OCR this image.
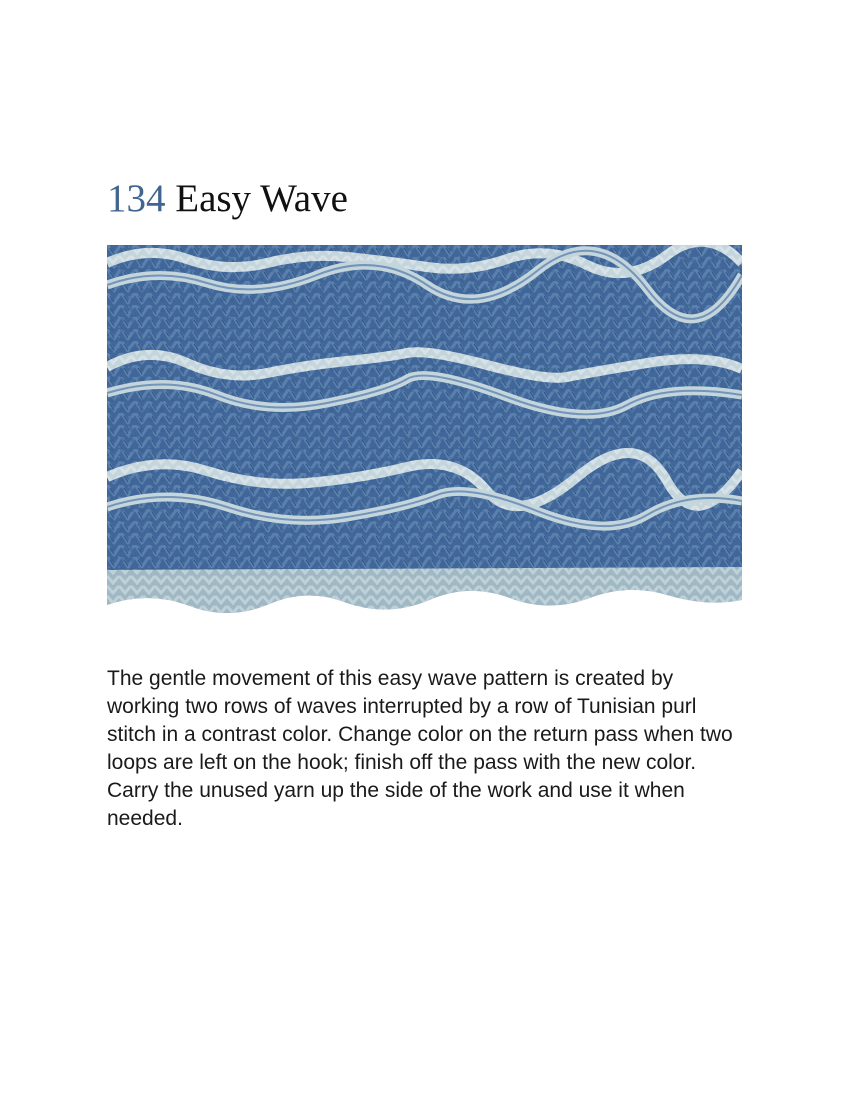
134 Easy Wave

The gentle movement of this easy wave pattern is created by working two rows of waves interrupted by a row of Tunisian purl stitch in a contrast color. Change color on the return pass when two loops are left on the hook; finish off the pass with the new color. Carry the unused yarn up the side of the work and use it when needed.
